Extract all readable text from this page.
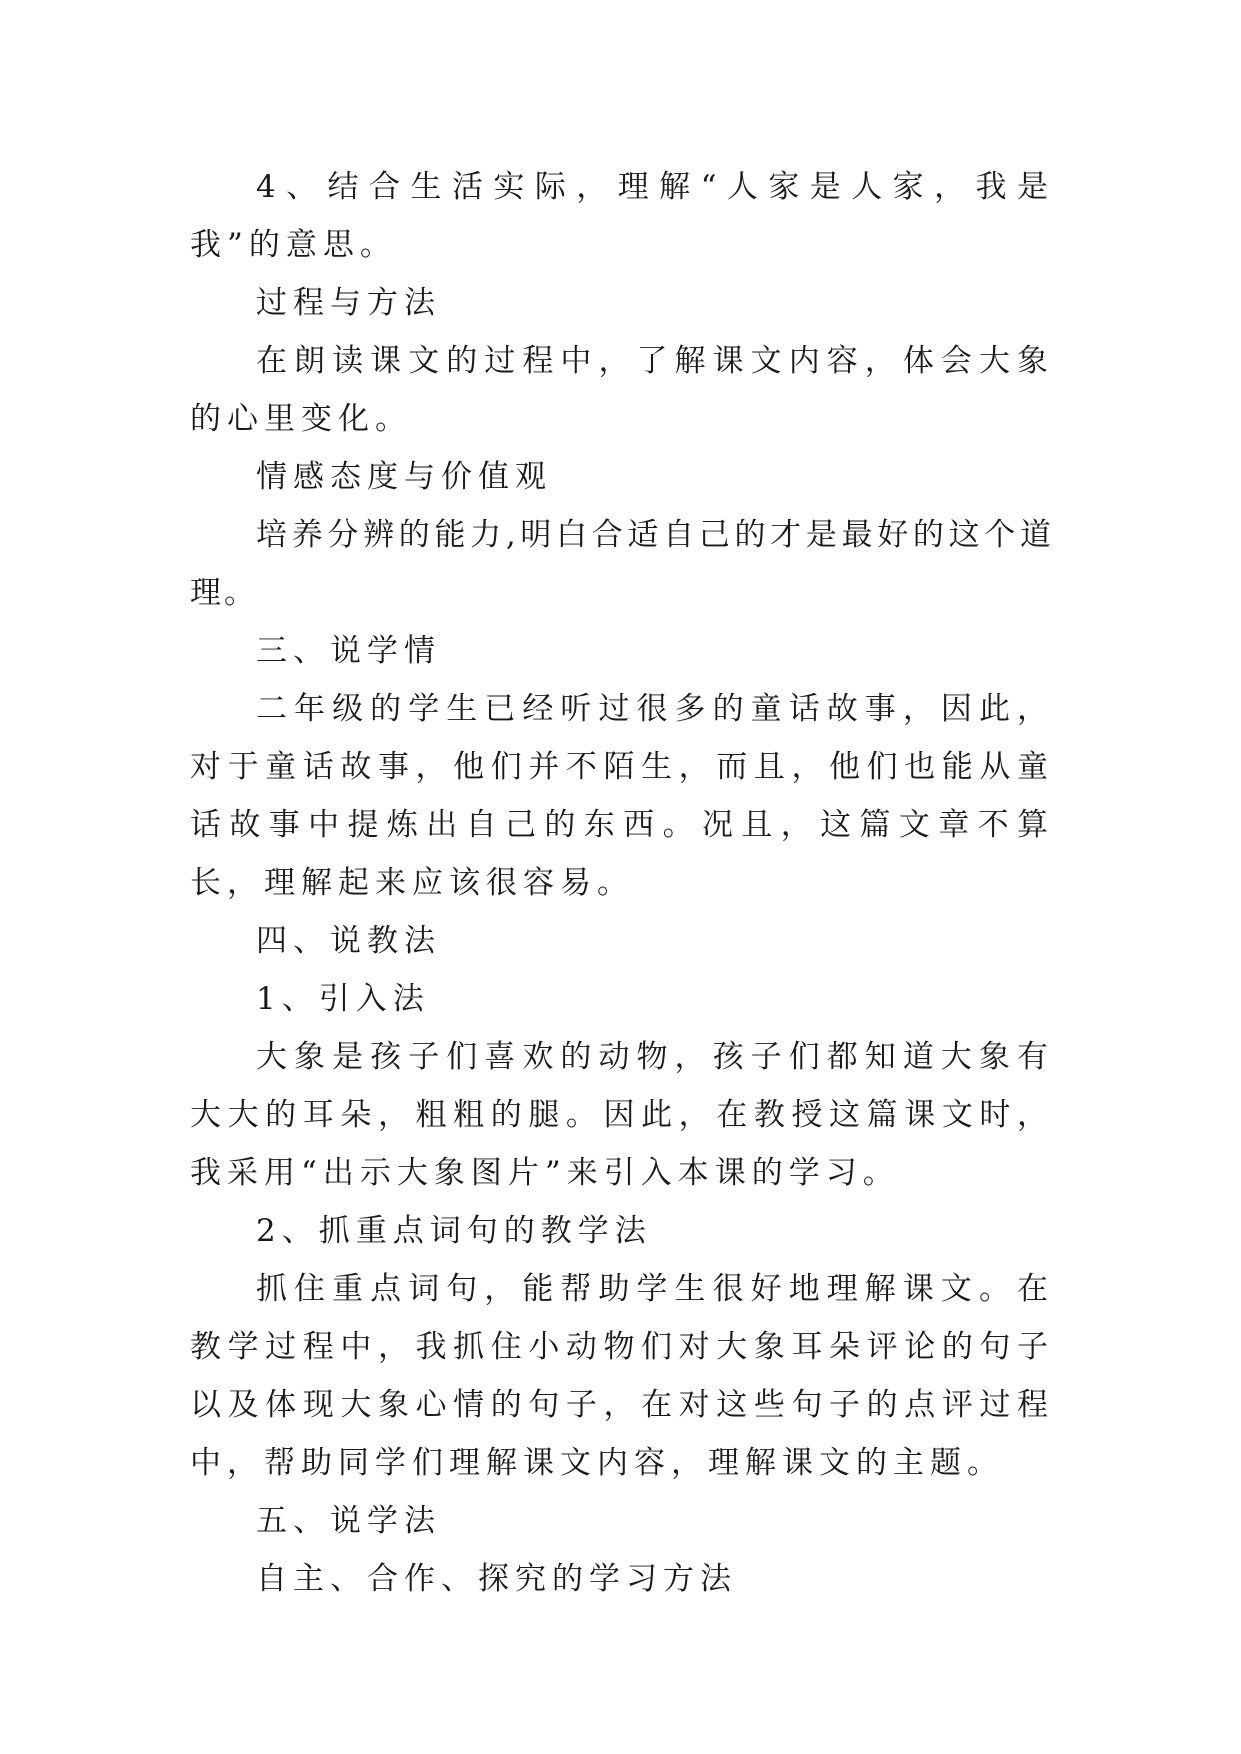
4、结合生活实际，理解“人家是人家，我是我”的意思。

过程与方法

在朗读课文的过程中，了解课文内容，体会大象的心里变化。

情感态度与价值观

培养分辨的能力,明白合适自己的才是最好的这个道理。

三、说学情

二年级的学生已经听过很多的童话故事，因此，对于童话故事，他们并不陌生，而且，他们也能从童话故事中提炼出自己的东西。况且，这篇文章不算长，理解起来应该很容易。

四、说教法

1、引入法

大象是孩子们喜欢的动物，孩子们都知道大象有大大的耳朵，粗粗的腿。因此，在教授这篇课文时，我采用“出示大象图片”来引入本课的学习。

2、抓重点词句的教学法

抓住重点词句，能帮助学生很好地理解课文。在教学过程中，我抓住小动物们对大象耳朵评论的句子以及体现大象心情的句子，在对这些句子的点评过程中，帮助同学们理解课文内容，理解课文的主题。

五、说学法

自主、合作、探究的学习方法
